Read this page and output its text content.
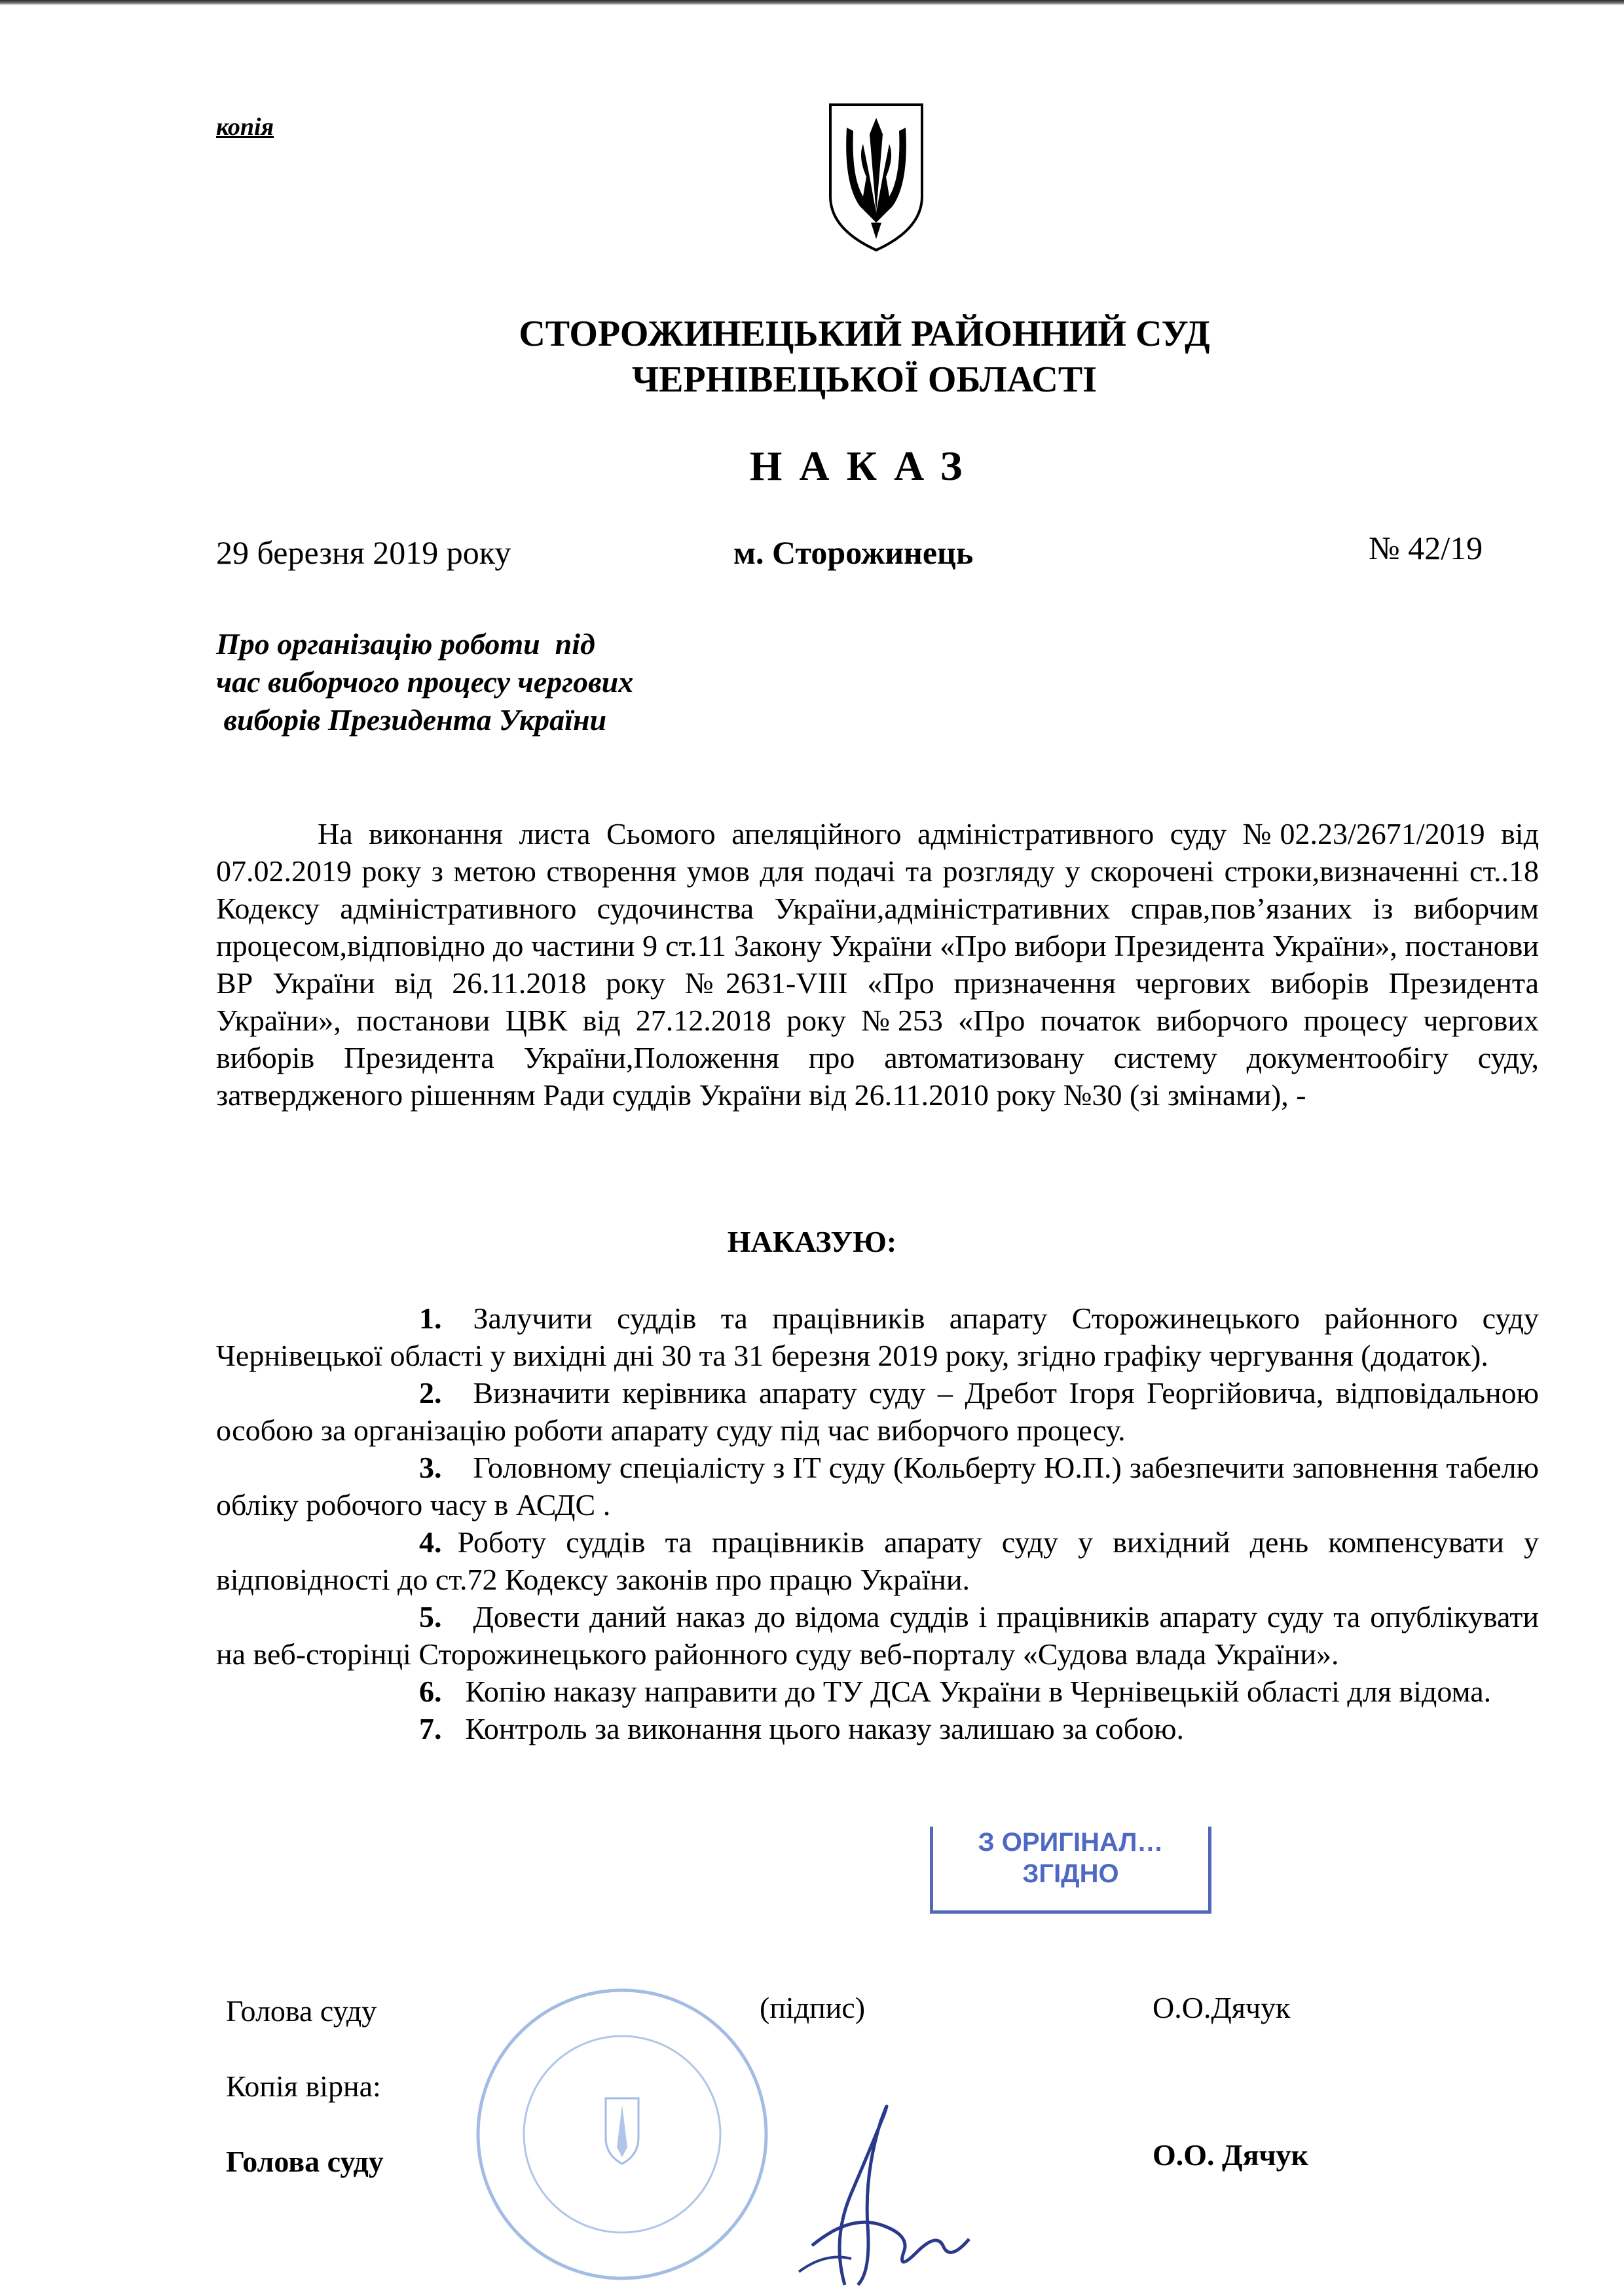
копія
СТОРОЖИНЕЦЬКИЙ РАЙОННИЙ СУД
ЧЕРНІВЕЦЬКОЇ ОБЛАСТІ
НАКАЗ
29 березня 2019 року	м. Сторожинець	№ 42/19
Про організацію роботи  під
час виборчого процесу чергових
виборів Президента України
На виконання листа Сьомого апеляційного адміністративного суду №02.23/2671/2019 від 07.02.2019 року з метою створення умов для подачі та розгляду у скорочені строки,визначенні ст..18 Кодексу адміністративного судочинства України,адміністративних справ,пов’язаних із виборчим процесом,відповідно до частини 9 ст.11 Закону України «Про вибори Президента України», постанови ВР України від 26.11.2018 року №2631-VIII «Про призначення чергових виборів Президента України», постанови ЦВК від 27.12.2018 року №253 «Про початок виборчого процесу чергових виборів Президента України,Положення про автоматизовану систему документообігу суду, затвердженого рішенням Ради суддів України від 26.11.2010 року №30 (зі змінами), -
НАКАЗУЮ:
1. Залучити суддів та працівників апарату Сторожинецького районного суду Чернівецької області у вихідні дні 30 та 31 березня 2019 року, згідно графіку чергування (додаток).
2. Визначити керівника апарату суду – Дребот Ігоря Георгійовича, відповідальною особою за організацію роботи апарату суду під час виборчого процесу.
3. Головному спеціалісту з ІТ суду (Кольберту Ю.П.) забезпечити заповнення табелю обліку робочого часу в АСДС .
4. Роботу суддів та працівників апарату суду у вихідний день компенсувати у відповідності до ст.72 Кодексу законів про працю України.
5. Довести даний наказ до відома суддів і працівників апарату суду та опублікувати на веб-сторінці Сторожинецького районного суду веб-порталу «Судова влада України».
6. Копію наказу направити до ТУ ДСА України в Чернівецькій області для відома.
7. Контроль за виконання цього наказу залишаю за собою.
З ОРИГІНАЛ…
ЗГІДНО
Голова суду	(підпис)	О.О.Дячук
Копія вірна:
Голова суду	О.О. Дячук
